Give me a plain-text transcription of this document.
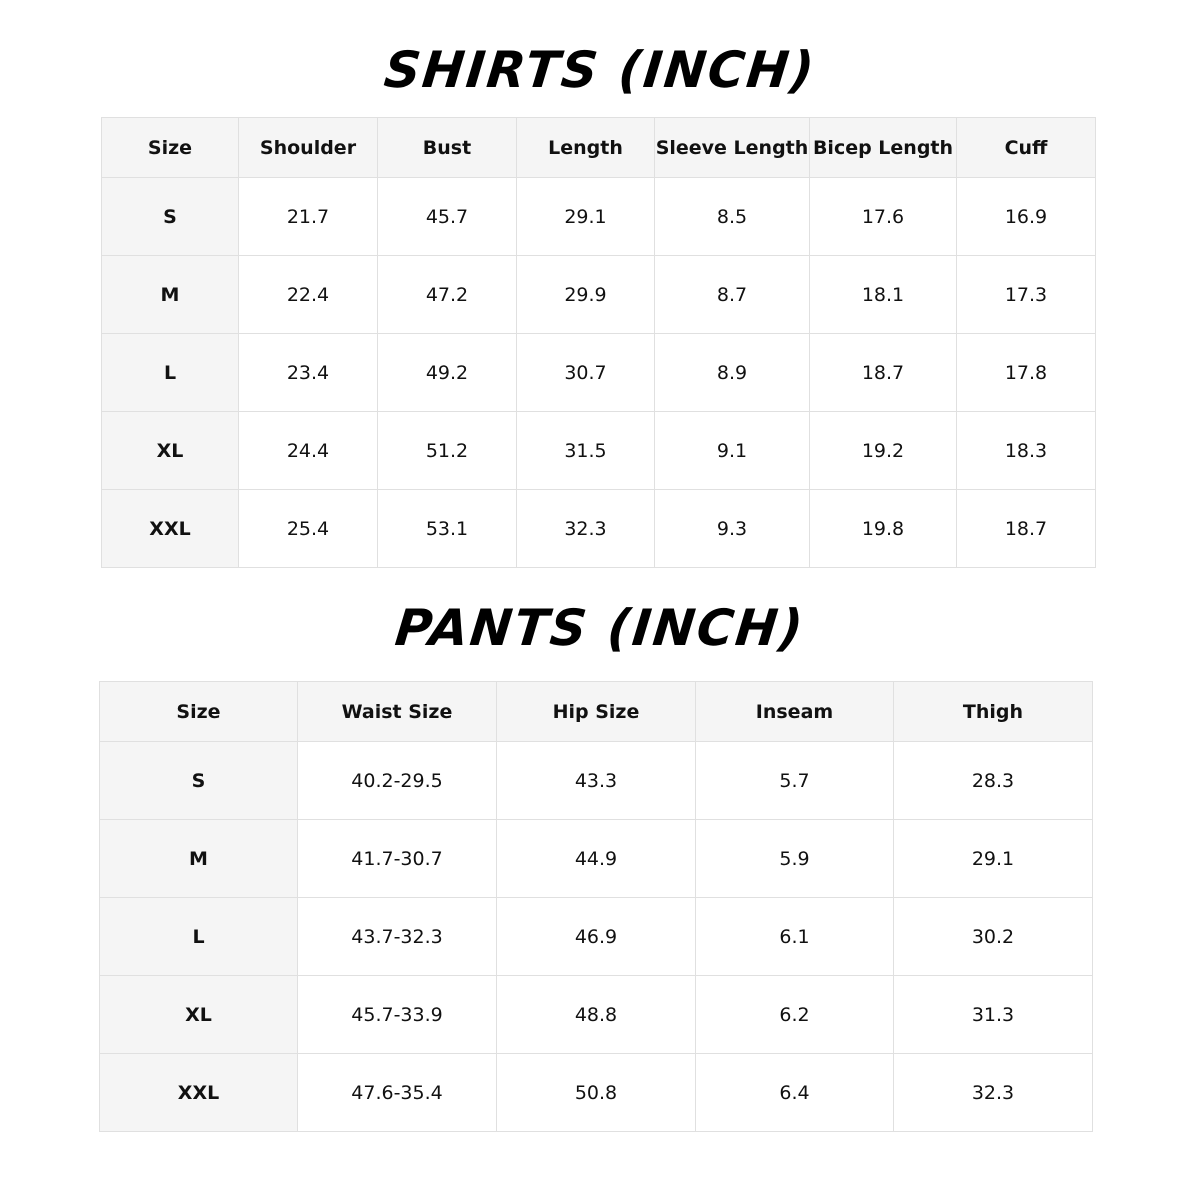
SHIRTS (INCH)
Size	Shoulder	Bust	Length	Sleeve Length	Bicep Length	Cuff
S	21.7	45.7	29.1	8.5	17.6	16.9
M	22.4	47.2	29.9	8.7	18.1	17.3
L	23.4	49.2	30.7	8.9	18.7	17.8
XL	24.4	51.2	31.5	9.1	19.2	18.3
XXL	25.4	53.1	32.3	9.3	19.8	18.7
PANTS (INCH)
Size	Waist Size	Hip Size	Inseam	Thigh
S	40.2-29.5	43.3	5.7	28.3
M	41.7-30.7	44.9	5.9	29.1
L	43.7-32.3	46.9	6.1	30.2
XL	45.7-33.9	48.8	6.2	31.3
XXL	47.6-35.4	50.8	6.4	32.3
